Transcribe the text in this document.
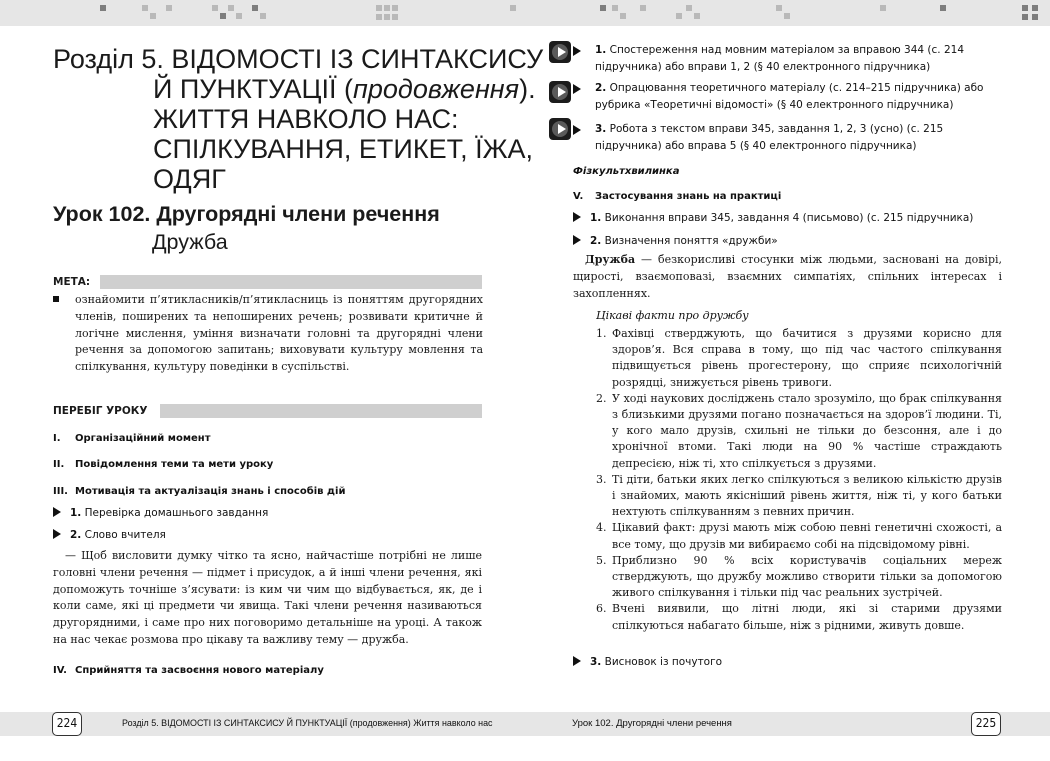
Розділ 5. ВІДОМОСТІ ІЗ СИНТАКСИСУ
Й ПУНКТУАЦІЇ (продовження).
ЖИТТЯ НАВКОЛО НАС:
СПІЛКУВАННЯ, ЕТИКЕТ, ЇЖА,
ОДЯГ
Урок 102. Другорядні члени речення
Дружба
МЕТА:
ознайомити п’ятикласників/п’ятикласниць із поняттям другорядних членів, поширених та непоширених речень; розвивати критичне й логічне мислення, уміння визначати головні та другорядні члени речення за допомогою запитань; виховувати культуру мовлення та спілкування, культуру поведінки в суспільстві.
ПЕРЕБІГ УРОКУ
I. Організаційний момент
II. Повідомлення теми та мети уроку
III. Мотивація та актуалізація знань і способів дій
1. Перевірка домашнього завдання
2. Слово вчителя
— Щоб висловити думку чітко та ясно, найчастіше потрібні не лише головні члени речення — підмет і присудок, а й інші члени речення, які допоможуть точніше з’ясувати: із ким чи чим що відбувається, як, де і коли саме, які ці предмети чи явища. Такі члени речення називаються другорядними, і саме про них поговоримо детальніше на уроці. А також на нас чекає розмова про цікаву та важливу тему — дружба.
IV. Сприйняття та засвоєння нового матеріалу
1. Спостереження над мовним матеріалом за вправою 344 (с. 214 підручника) або вправи 1, 2 (§ 40 електронного підручника)
2. Опрацювання теоретичного матеріалу (с. 214–215 підручника) або рубрика «Теоретичні відомості» (§ 40 електронного підручника)
3. Робота з текстом вправи 345, завдання 1, 2, 3 (усно) (с. 215 підручника) або вправа 5 (§ 40 електронного підручника)
Фізкультхвилинка
V. Застосування знань на практиці
1. Виконання вправи 345, завдання 4 (письмово) (с. 215 підручника)
2. Визначення поняття «дружби»
Дружба — безкорисливі стосунки між людьми, засновані на довірі, щирості, взаємоповазі, взаємних симпатіях, спільних інтересах і захопленнях.
Цікаві факти про дружбу
1. Фахівці стверджують, що бачитися з друзями корисно для здоров’я. Вся справа в тому, що під час частого спілкування підвищується рівень прогестерону, що сприяє психологічній розрядці, знижується рівень тривоги.
2. У ході наукових досліджень стало зрозуміло, що брак спілкування з близькими друзями погано позначається на здоров’ї людини. Ті, у кого мало друзів, схильні не тільки до безсоння, але і до хронічної втоми. Такі люди на 90 % частіше страждають депресією, ніж ті, хто спілкується з друзями.
3. Ті діти, батьки яких легко спілкуються з великою кількістю друзів і знайомих, мають якісніший рівень життя, ніж ті, у кого батьки нехтують спілкуванням з певних причин.
4. Цікавий факт: друзі мають між собою певні генетичні схожості, а все тому, що друзів ми вибираємо собі на підсвідомому рівні.
5. Приблизно 90 % всіх користувачів соціальних мереж стверджують, що дружбу можливо створити тільки за допомогою живого спілкування і тільки під час реальних зустрічей.
6. Вчені виявили, що літні люди, які зі старими друзями спілкуються набагато більше, ніж з рідними, живуть довше.
3. Висновок із почутого
224	Розділ 5. ВІДОМОСТІ ІЗ СИНТАКСИСУ Й ПУНКТУАЦІЇ (продовження) Життя навколо нас	Урок 102. Другорядні члени речення	225
